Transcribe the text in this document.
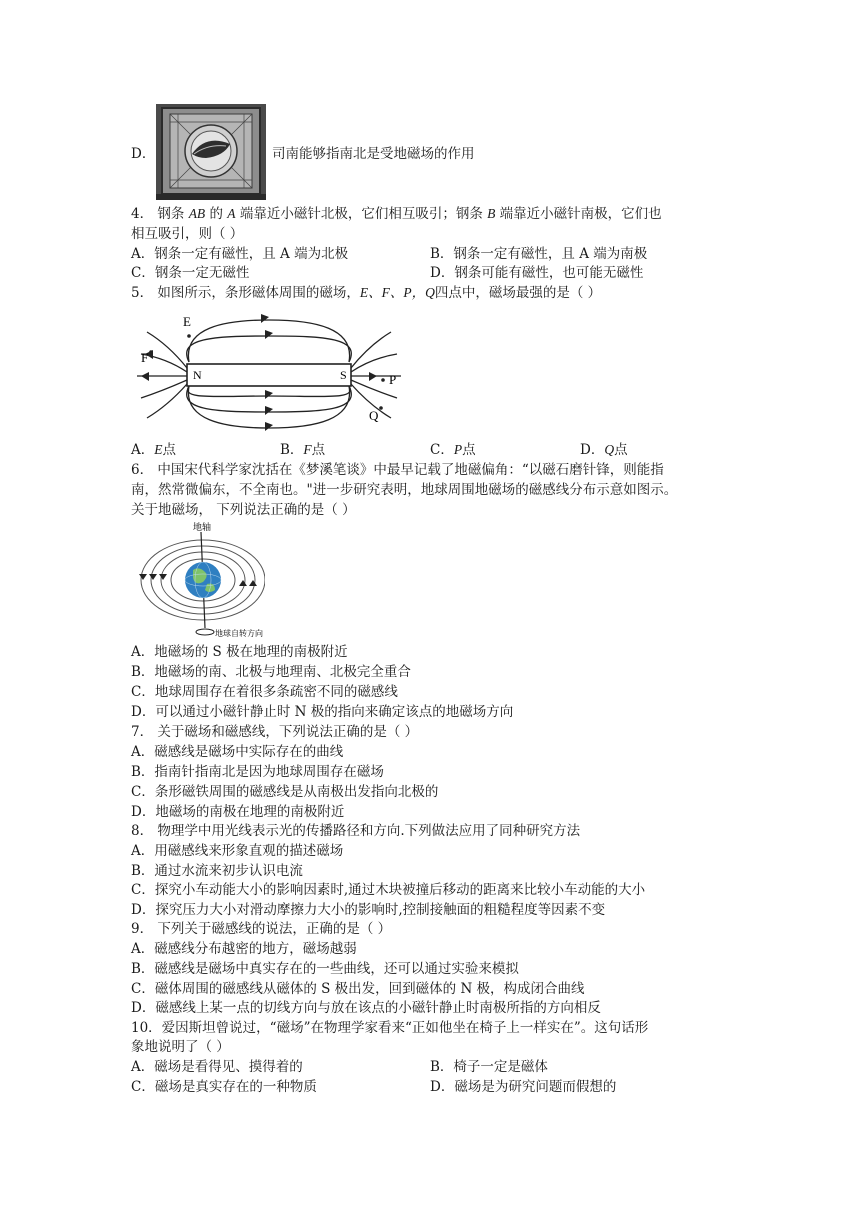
D．	司南能够指南北是受地磁场的作用
4． 钢条 AB 的 A 端靠近小磁针北极，它们相互吸引；钢条 B 端靠近小磁针南极，它们也
相互吸引，则（ ）
A．钢条一定有磁性，且 A 端为北极	B．钢条一定有磁性，且 A 端为南极
C．钢条一定无磁性	D．钢条可能有磁性，也可能无磁性
5． 如图所示，条形磁体周围的磁场，E、F、P，Q四点中，磁场最强的是（ ）
N	S
E
F
P
Q
A．E点	B．F点	C．P点	D．Q点
6． 中国宋代科学家沈括在《梦溪笔谈》中最早记载了地磁偏角：“以磁石磨针锋，则能指
南，然常微偏东，不全南也。"进一步研究表明，地球周围地磁场的磁感线分布示意如图示。
关于地磁场， 下列说法正确的是（ ）
地轴
地球自转方向
A．地磁场的 S 极在地理的南极附近
B．地磁场的南、北极与地理南、北极完全重合
C．地球周围存在着很多条疏密不同的磁感线
D．可以通过小磁针静止时 N 极的指向来确定该点的地磁场方向
7． 关于磁场和磁感线，下列说法正确的是（ ）
A．磁感线是磁场中实际存在的曲线
B．指南针指南北是因为地球周围存在磁场
C．条形磁铁周围的磁感线是从南极出发指向北极的
D．地磁场的南极在地理的南极附近
8． 物理学中用光线表示光的传播路径和方向.下列做法应用了同种研究方法
A．用磁感线来形象直观的描述磁场
B．通过水流来初步认识电流
C．探究小车动能大小的影响因素时,通过木块被撞后移动的距离来比较小车动能的大小
D．探究压力大小对滑动摩擦力大小的影响时,控制接触面的粗糙程度等因素不变
9． 下列关于磁感线的说法，正确的是（ ）
A．磁感线分布越密的地方，磁场越弱
B．磁感线是磁场中真实存在的一些曲线，还可以通过实验来模拟
C．磁体周围的磁感线从磁体的 S 极出发，回到磁体的 N 极，构成闭合曲线
D．磁感线上某一点的切线方向与放在该点的小磁针静止时南极所指的方向相反
10．爱因斯坦曾说过，“磁场”在物理学家看来“正如他坐在椅子上一样实在”。这句话形
象地说明了（ ）
A．磁场是看得见、摸得着的	B．椅子一定是磁体
C．磁场是真实存在的一种物质	D．磁场是为研究问题而假想的
